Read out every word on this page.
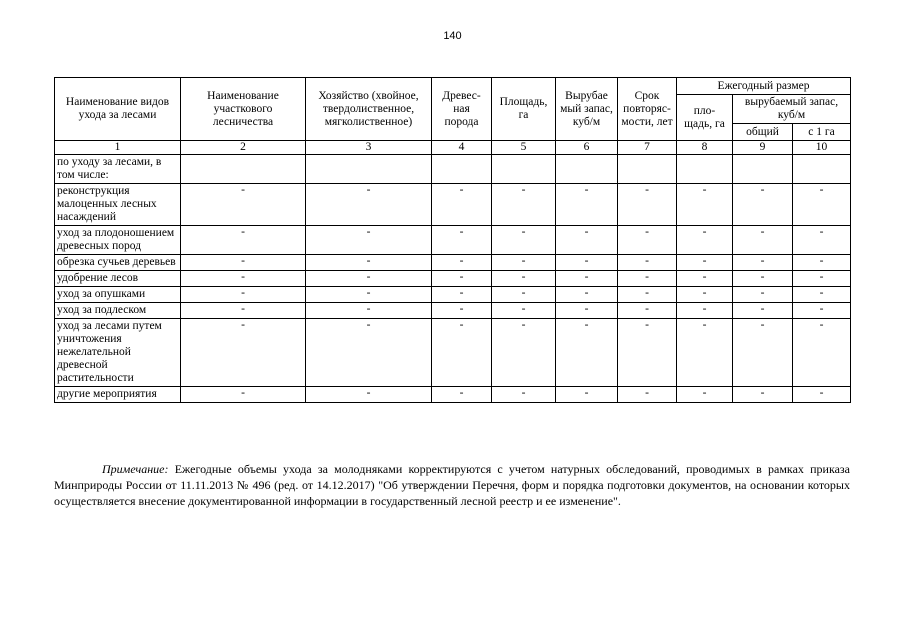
140
Наименование видов ухода за лесами	Наименование участкового лесничества	Хозяйство (хвойное, твердолиственное, мягколиственное)	Древес-ная порода	Площадь, га	Вырубае мый запас, куб/м	Срок повторяс-мости, лет	Ежегодный размер		
							пло-щадь, га	вырубаемый запас, куб/м	
								общий	с 1 га
1	2	3	4	5	6	7	8	9	10
по уходу за лесами, в том числе:									
реконструкция малоценных лесных насаждений	-	-	-	-	-	-	-	-	-
уход за плодоношением древесных пород	-	-	-	-	-	-	-	-	-
обрезка сучьев деревьев	-	-	-	-	-	-	-	-	-
удобрение лесов	-	-	-	-	-	-	-	-	-
уход за опушками	-	-	-	-	-	-	-	-	-
уход за подлеском	-	-	-	-	-	-	-	-	-
уход за лесами путем уничтожения нежелательной древесной растительности	-	-	-	-	-	-	-	-	-
другие мероприятия	-	-	-	-	-	-	-	-	-
Примечание: Ежегодные объемы ухода за молодняками корректируются с учетом натурных обследований, проводимых в рамках приказа Минприроды России от 11.11.2013 № 496 (ред. от 14.12.2017) "Об утверждении Перечня, форм и порядка подготовки документов, на основании которых осуществляется внесение документированной информации в государственный лесной реестр и ее изменение".
